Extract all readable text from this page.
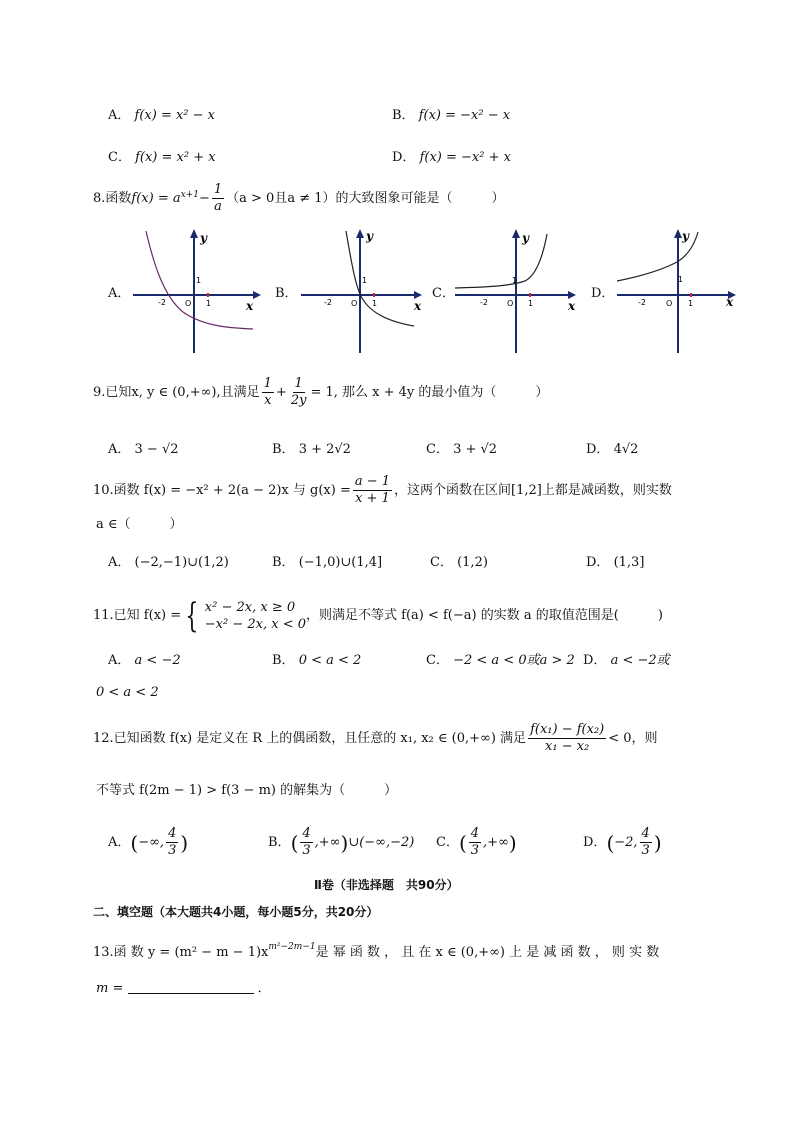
A． f(x) = x² − x	B． f(x) = −x² − x
C． f(x) = x² + x	D． f(x) = −x² + x
8.函数 f(x) = a $x+1 - \frac{1}{a} (a > 0$且a ≠ 1）的大致图象可能是（　　　）
A．
x
y
-2 O 1
1
B．
x
y
-2 O 1
1
C．
x
y
-2 O 1
1
D．
x
y
-2	O 1
1
9.已知x, y ∈ (0,+∞),且满足 $\frac{1}{x} + \frac{1}{2y} = 1$, 那么 x + 4y 的最小值为（　　　）
A． 3 − √2	B． 3 + 2√2	C． 3 + √2	D． 4√2
10.函数 f(x) = −x² + 2(a − 2)x 与 $g(x) = \frac{a - 1}{x + 1}$ ，这两个函数在区间[1,2]上都是减函数，则实数
a ∈（　　　）
A． (−2,−1)∪(1,2)	B． (−1,0)∪(1,4]	C． (1,2)	D． (1,3]
11.已知 f(x) = { x² − 2x, x ≥ 0
−x² − 2x, x < 0
，则满足不等式 f(a) < f(−a) 的实数 a 的取值范围是(　　　)
A． a < −2	B． 0 < a < 2	C． −2 < a < 0或a > 2 D． a < −2或
0 < a < 2
12.已知函数 f(x) 是定义在 R 上的偶函数，且任意的 x₁, x₂ ∈ (0,+∞) 满足 $\frac{\text{f(x₁) − f(x₂)}}{\text{x₁ − x₂}} < 0$，则
不等式 f(2m − 1) > f(3 − m) 的解集为（　　　）
A． ( −∞, $\frac{4}{3}$ )	B． ( $\frac{4}{3}$ ,+∞ ) ∪(−∞,−2) C． ( $\frac{4}{3}$ ,+∞ )	D． ( −2, $\frac{4}{3}$ )
Ⅱ卷（非选择题　共90分）
二、填空题（本大题共4小题，每小题5分，共20分）
13.函 数 y = (m² − m − 1)x m²−2m−1 是 幂 函 数 ， 且 在 x ∈ (0,+∞) 上 是 减 函 数 ， 则 实 数
m =	．
